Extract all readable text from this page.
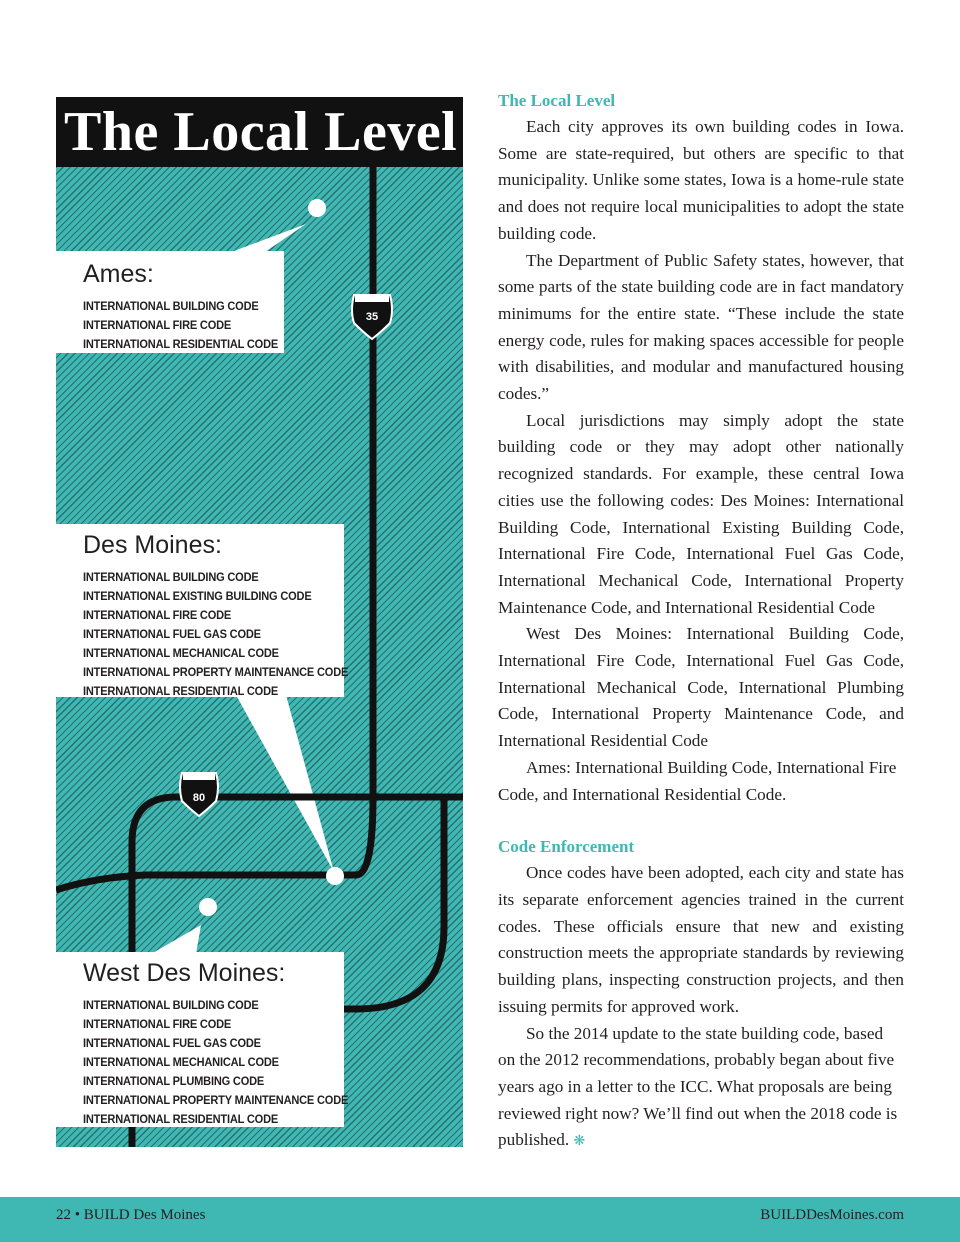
35
80
The Local Level
Ames:
INTERNATIONAL BUILDING CODE
INTERNATIONAL FIRE CODE
INTERNATIONAL RESIDENTIAL CODE
Des Moines:
INTERNATIONAL BUILDING CODE
INTERNATIONAL EXISTING BUILDING CODE
INTERNATIONAL FIRE CODE
INTERNATIONAL FUEL GAS CODE
INTERNATIONAL MECHANICAL CODE
INTERNATIONAL PROPERTY MAINTENANCE CODE
INTERNATIONAL RESIDENTIAL CODE
West Des Moines:
INTERNATIONAL BUILDING CODE
INTERNATIONAL FIRE CODE
INTERNATIONAL FUEL GAS CODE
INTERNATIONAL MECHANICAL CODE
INTERNATIONAL PLUMBING CODE
INTERNATIONAL PROPERTY MAINTENANCE CODE
INTERNATIONAL RESIDENTIAL CODE
The Local Level

Each city approves its own building codes in Iowa. Some are state-required, but others are specific to that municipality. Unlike some states, Iowa is a home-rule state and does not require local municipalities to adopt the state building code.

The Department of Public Safety states, however, that some parts of the state building code are in fact mandatory minimums for the entire state. “These include the state energy code, rules for making spaces accessible for people with disabilities, and modular and manufactured housing codes.”

Local jurisdictions may simply adopt the state building code or they may adopt other nationally recognized standards. For example, these central Iowa cities use the following codes: Des Moines: International Building Code, International Existing Building Code, International Fire Code, International Fuel Gas Code, International Mechanical Code, International Property Maintenance Code, and International Residential Code

West Des Moines: International Building Code, International Fire Code, International Fuel Gas Code, International Mechanical Code, International Plumbing Code, International Property Maintenance Code, and International Residential Code

Ames: International Building Code, International Fire Code, and International Residential Code.

Code Enforcement

Once codes have been adopted, each city and state has its separate enforcement agencies trained in the current codes. These officials ensure that new and existing construction meets the appropriate standards by reviewing building plans, inspecting construction projects, and then issuing permits for approved work.

So the 2014 update to the state building code, based on the 2012 recommendations, probably began about five years ago in a letter to the ICC. What proposals are being reviewed right now? We’ll find out when the 2018 code is published. ❋

22 • BUILD Des Moines	BUILDDesMoines.com
